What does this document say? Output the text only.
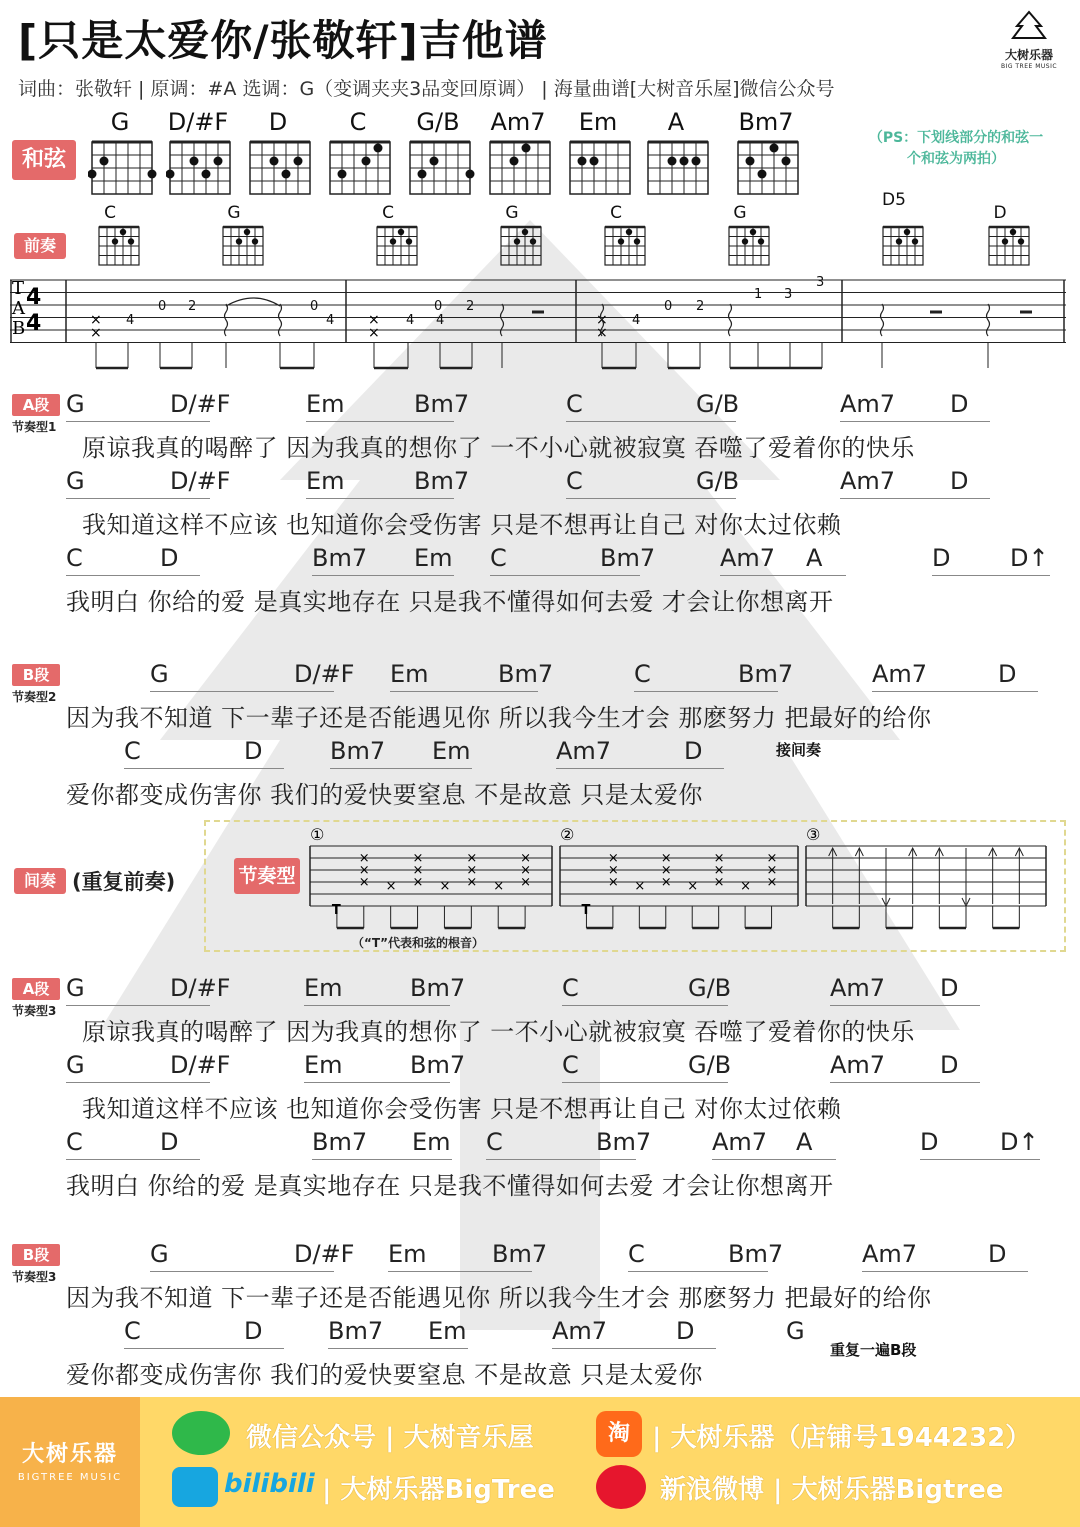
[只是太爱你/张敬轩]吉他谱
词曲：张敬轩 | 原调：#A 选调：G（变调夹夹3品变回原调） | 海量曲谱[大树音乐屋]微信公众号
大树乐器
BIG TREE MUSIC
和弦
（PS：下划线部分的和弦一个和弦为两拍）
G	D/#F	D	C	G/B	Am7	Em	A	Bm7
前奏
C	G	C	G	C	G
D5
D
T
A
B
4
4	4	4
0 2	0
4	4
0 2
4
0 2
1 3
3
×
×
×
×
×
×
A段
节奏型1
G	D/#F	Em	Bm7	C	G/B	Am7 D
原谅我真的喝醉了 因为我真的想你了 一不小心就被寂寞 吞噬了爱着你的快乐
G	D/#F	Em	Bm7	C	G/B	Am7 D
我知道这样不应该 也知道你会受伤害 只是不想再让自己 对你太过依赖
C	D	Bm7 Em C	Bm7	Am7 A	D D↑
我明白 你给的爱 是真实地存在 只是我不懂得如何去爱 才会让你想离开
B段
节奏型2
G	D/#F Em	Bm7	C	Bm7	Am7	D
因为我不知道 下一辈子还是否能遇见你 所以我今生才会 那麽努力 把最好的给你
C	D	Bm7 Em	Am7	D
爱你都变成伤害你 我们的爱快要窒息 不是故意 只是太爱你
接间奏
A段
节奏型3
G	D/#F	Em	Bm7	C	G/B	Am7 D
原谅我真的喝醉了 因为我真的想你了 一不小心就被寂寞 吞噬了爱着你的快乐
G	D/#F	Em	Bm7	C	G/B	Am7 D
我知道这样不应该 也知道你会受伤害 只是不想再让自己 对你太过依赖
C	D	Bm7 Em C	Bm7	Am7 A	D	D↑
我明白 你给的爱 是真实地存在 只是我不懂得如何去爱 才会让你想离开
B段
节奏型3
G	D/#F Em	Bm7	C	Bm7	Am7	D
因为我不知道 下一辈子还是否能遇见你 所以我今生才会 那麽努力 把最好的给你
C	D	Bm7 Em	Am7	D	G
爱你都变成伤害你 我们的爱快要窒息 不是故意 只是太爱你
重复一遍B段
间奏 (重复前奏)	节奏型
①
T
×
×
× ×
×
×
× ×
×
×
× ×
×
×
×
②
T
×
×
× ×
×
×
× ×
×
×
× ×
×
×
×
③
（“T”代表和弦的根音）
大树乐器
BIGTREE MUSIC
微信公众号 | 大树音乐屋	淘 | 大树乐器（店铺号1944232）
bilibili | 大树乐器BigTree	新浪微博 | 大树乐器Bigtree
